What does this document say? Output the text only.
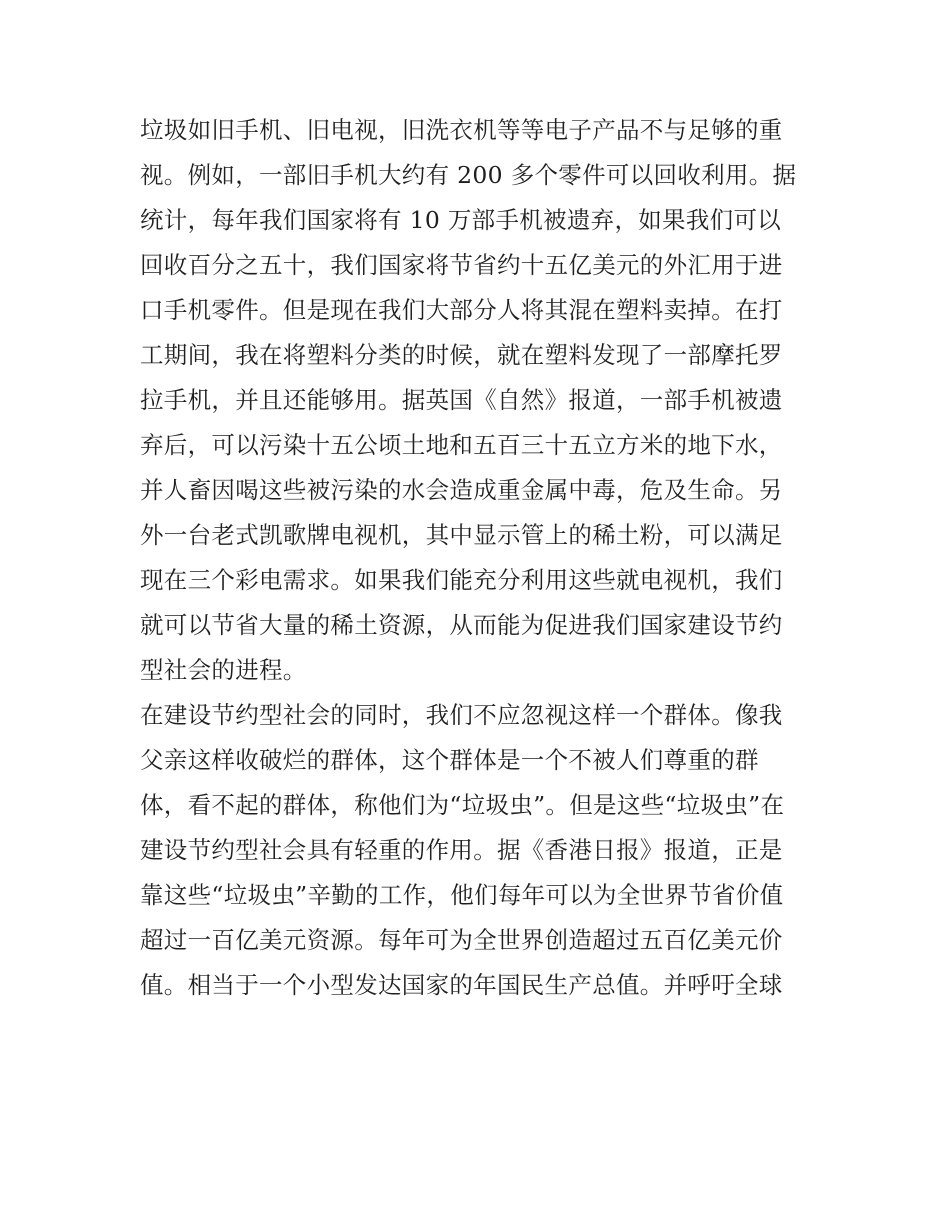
垃圾如旧手机、旧电视，旧洗衣机等等电子产品不与足够的重
视。例如，一部旧手机大约有 200 多个零件可以回收利用。据
统计，每年我们国家将有 10 万部手机被遗弃，如果我们可以
回收百分之五十，我们国家将节省约十五亿美元的外汇用于进
口手机零件。但是现在我们大部分人将其混在塑料卖掉。在打
工期间，我在将塑料分类的时候，就在塑料发现了一部摩托罗
拉手机，并且还能够用。据英国《自然》报道，一部手机被遗
弃后，可以污染十五公顷土地和五百三十五立方米的地下水，
并人畜因喝这些被污染的水会造成重金属中毒，危及生命。另
外一台老式凯歌牌电视机，其中显示管上的稀土粉，可以满足
现在三个彩电需求。如果我们能充分利用这些就电视机，我们
就可以节省大量的稀土资源，从而能为促进我们国家建设节约
型社会的进程。
在建设节约型社会的同时，我们不应忽视这样一个群体。像我
父亲这样收破烂的群体，这个群体是一个不被人们尊重的群
体，看不起的群体，称他们为“垃圾虫”。但是这些“垃圾虫”在
建设节约型社会具有轻重的作用。据《香港日报》报道，正是
靠这些“垃圾虫”辛勤的工作，他们每年可以为全世界节省价值
超过一百亿美元资源。每年可为全世界创造超过五百亿美元价
值。相当于一个小型发达国家的年国民生产总值。并呼吁全球
